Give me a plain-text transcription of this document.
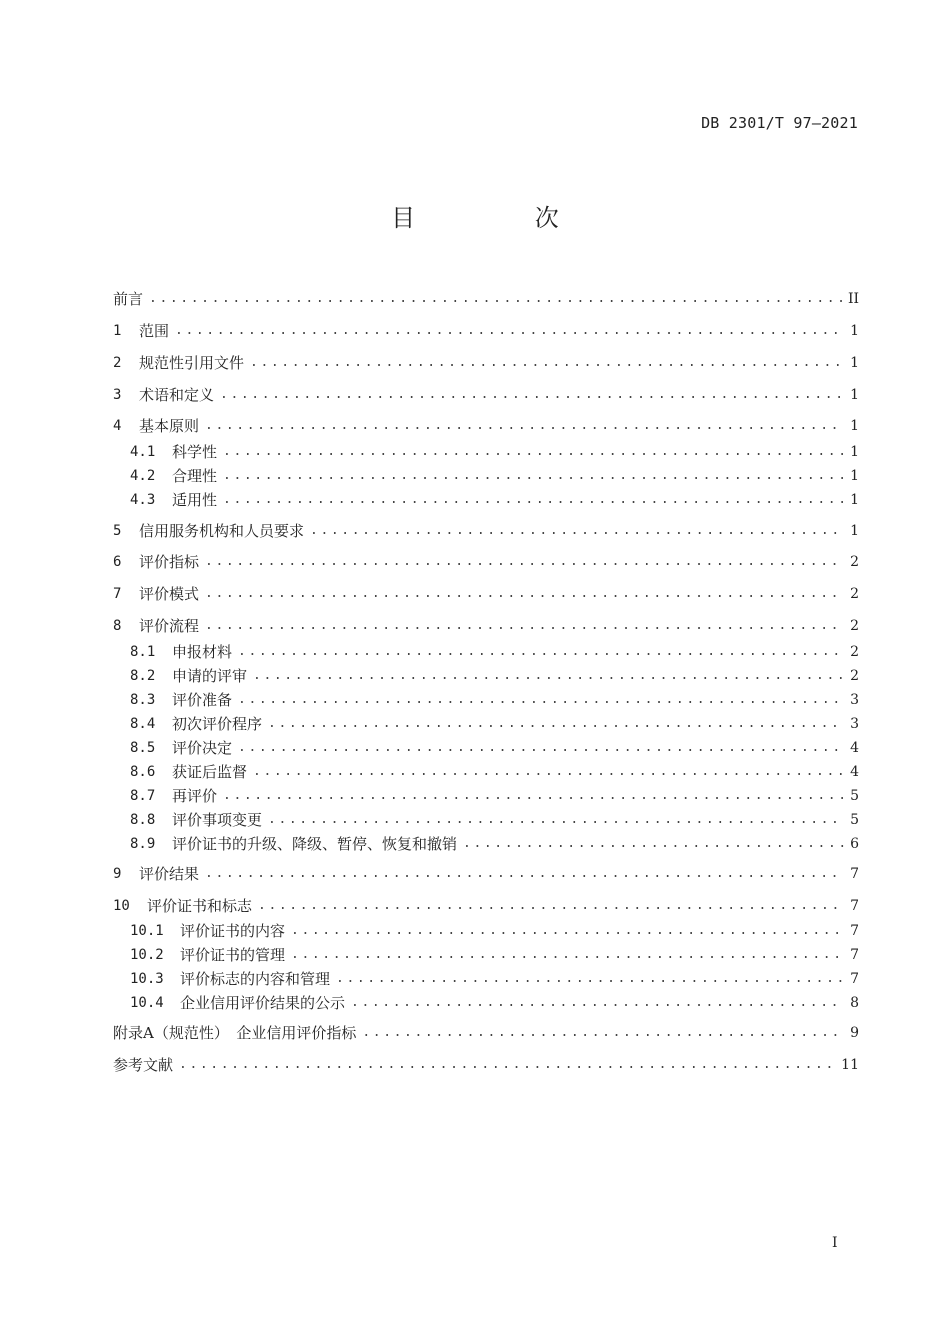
DB 2301/T 97—2021
目 次
前言 .....	II
1	范围 .....	1
2	规范性引用文件 .....	1
3	术语和定义 .....	1
4	基本原则 .....	1
4.1	科学性 .....	1
4.2	合理性 .....	1
4.3	适用性 .....	1
5	信用服务机构和人员要求 .....	1
6	评价指标 .....	2
7	评价模式 .....	2
8	评价流程 .....	2
8.1	申报材料 .....	2
8.2	申请的评审 .....	2
8.3	评价准备 .....	3
8.4	初次评价程序 .....	3
8.5	评价决定 .....	4
8.6	获证后监督 .....	4
8.7	再评价 .....	5
8.8	评价事项变更 .....	5
8.9	评价证书的升级、降级、暂停、恢复和撤销 .....	6
9	评价结果 .....	7
10	评价证书和标志 .....	7
10.1	评价证书的内容 .....	7
10.2	评价证书的管理 .....	7
10.3	评价标志的内容和管理 .....	7
10.4	企业信用评价结果的公示 .....	8
附录A（规范性）　企业信用评价指标 .....	9
参考文献 .....	11
I
